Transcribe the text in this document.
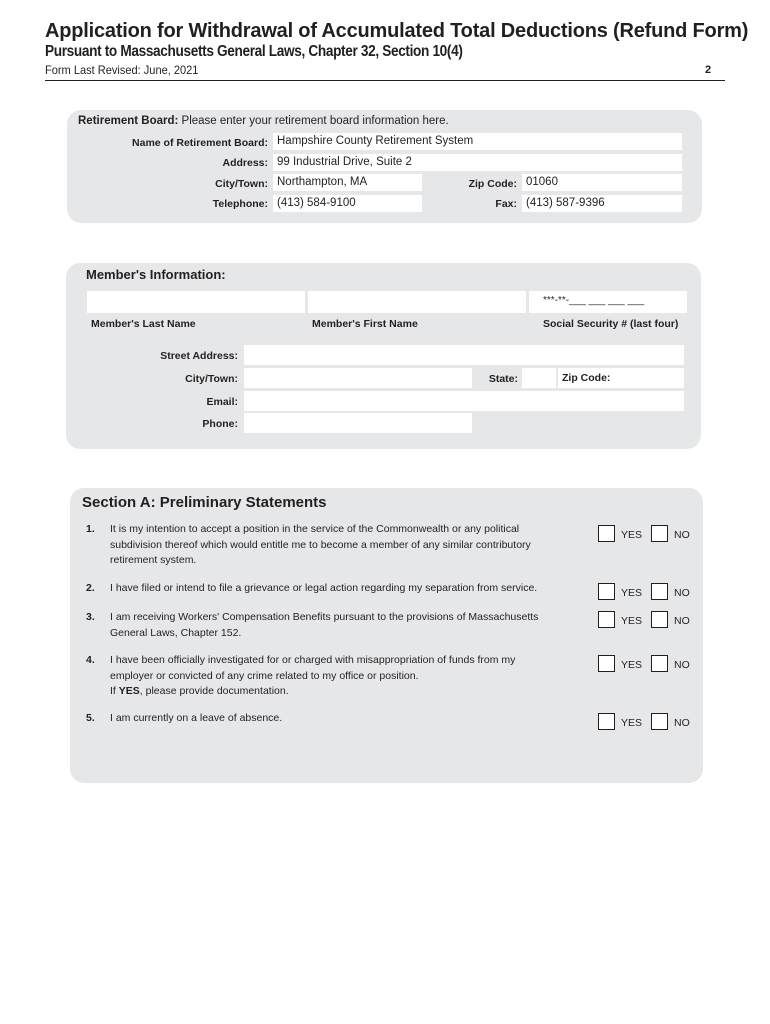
Application for Withdrawal of Accumulated Total Deductions (Refund Form)
Pursuant to Massachusetts General Laws, Chapter 32, Section 10(4)
Form Last Revised: June, 2021	2
Retirement Board: Please enter your retirement board information here.
Name of Retirement Board: Hampshire County Retirement System
Address: 99 Industrial Drive, Suite 2
City/Town: Northampton, MA	Zip Code: 01060
Telephone: (413) 584-9100	Fax: (413) 587-9396
Member's Information:
***-**-___ ___ ___ ___
Member's Last Name	Member's First Name	Social Security # (last four)
Street Address:
City/Town:	State:	Zip Code:
Email:
Phone:
Section A: Preliminary Statements
1. It is my intention to accept a position in the service of the Commonwealth or any political subdivision thereof which would entitle me to become a member of any similar contributory retirement system.
YES	NO
2. I have filed or intend to file a grievance or legal action regarding my separation from service.	YES	NO
3. I am receiving Workers' Compensation Benefits pursuant to the provisions of Massachusetts General Laws, Chapter 152.
YES	NO
4. I have been officially investigated for or charged with misappropriation of funds from my employer or convicted of any crime related to my office or position.
If YES, please provide documentation.
YES	NO
5. I am currently on a leave of absence.	YES	NO
